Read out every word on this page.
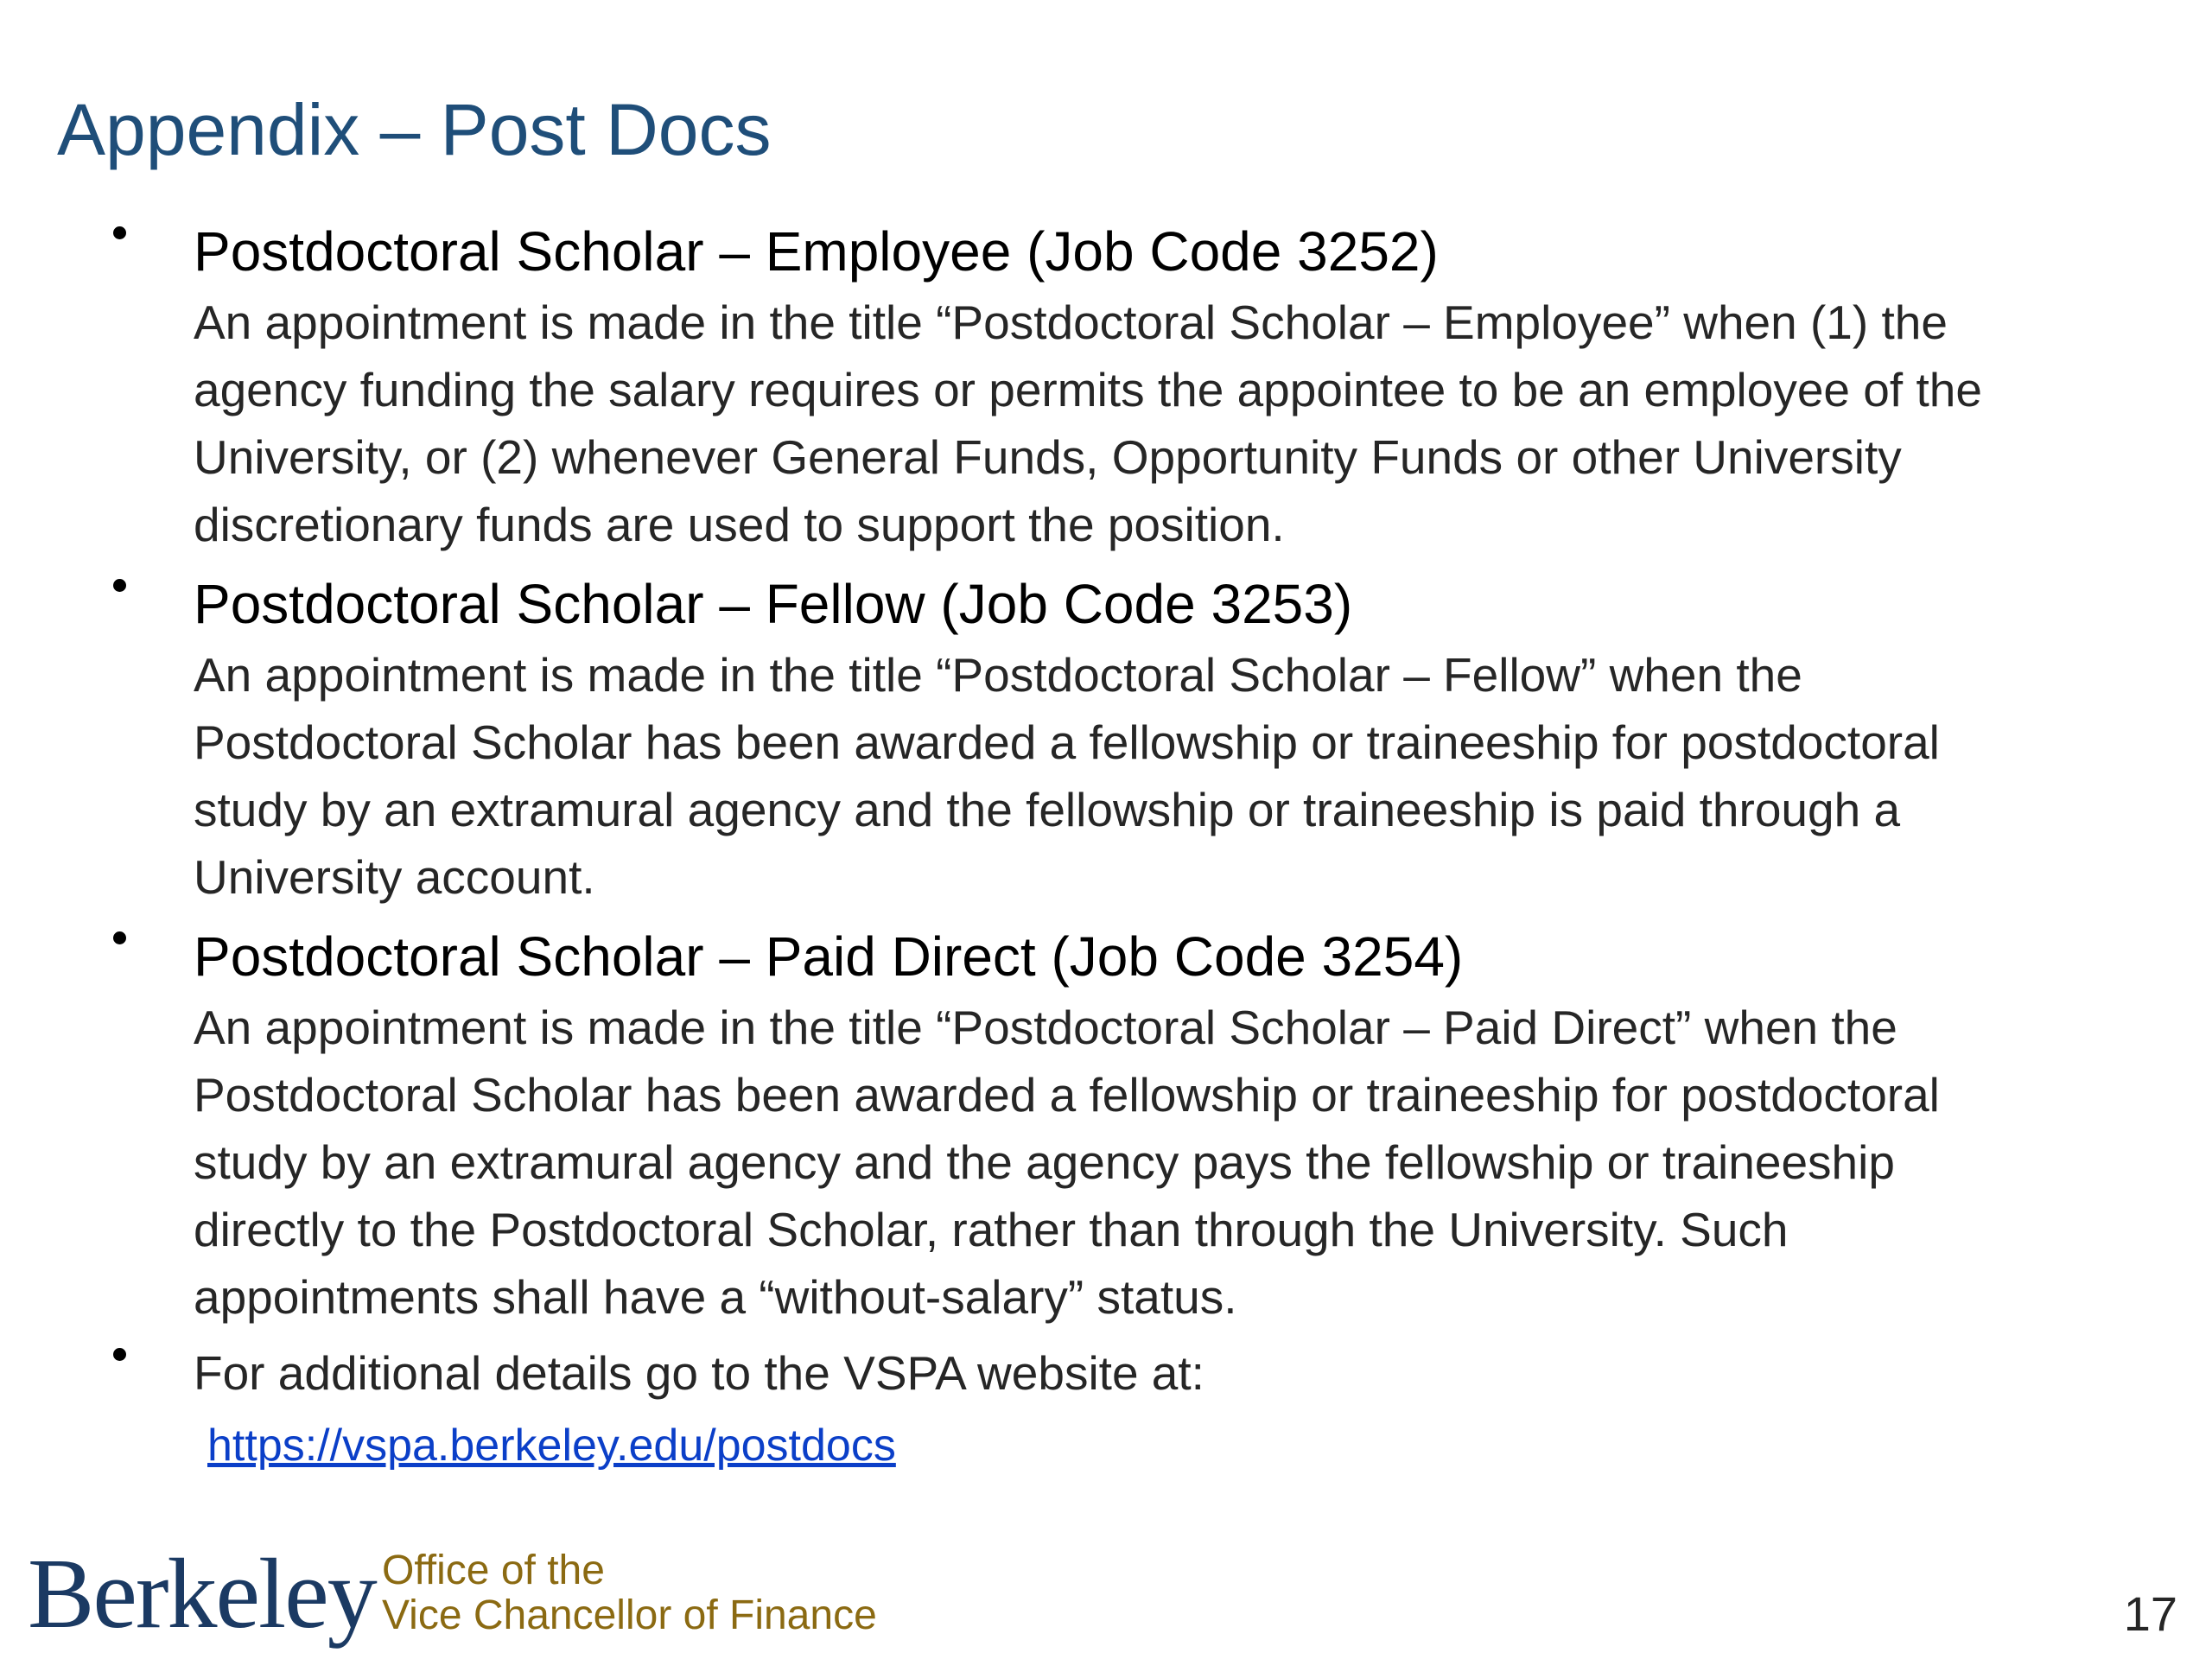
Appendix – Post Docs
Postdoctoral Scholar – Employee (Job Code 3252)

An appointment is made in the title “Postdoctoral Scholar – Employee” when (1) the

agency funding the salary requires or permits the appointee to be an employee of the

University, or (2) whenever General Funds, Opportunity Funds or other University

discretionary funds are used to support the position.

Postdoctoral Scholar – Fellow (Job Code 3253)

An appointment is made in the title “Postdoctoral Scholar – Fellow” when the

Postdoctoral Scholar has been awarded a fellowship or traineeship for postdoctoral

study by an extramural agency and the fellowship or traineeship is paid through a

University account.

Postdoctoral Scholar – Paid Direct (Job Code 3254)

An appointment is made in the title “Postdoctoral Scholar – Paid Direct” when the

Postdoctoral Scholar has been awarded a fellowship or traineeship for postdoctoral

study by an extramural agency and the agency pays the fellowship or traineeship

directly to the Postdoctoral Scholar, rather than through the University. Such

appointments shall have a “without-salary” status.

For additional details go to the VSPA website at:
https://vspa.berkeley.edu/postdocs
Berkeley Office of the
Vice Chancellor of Finance	17
